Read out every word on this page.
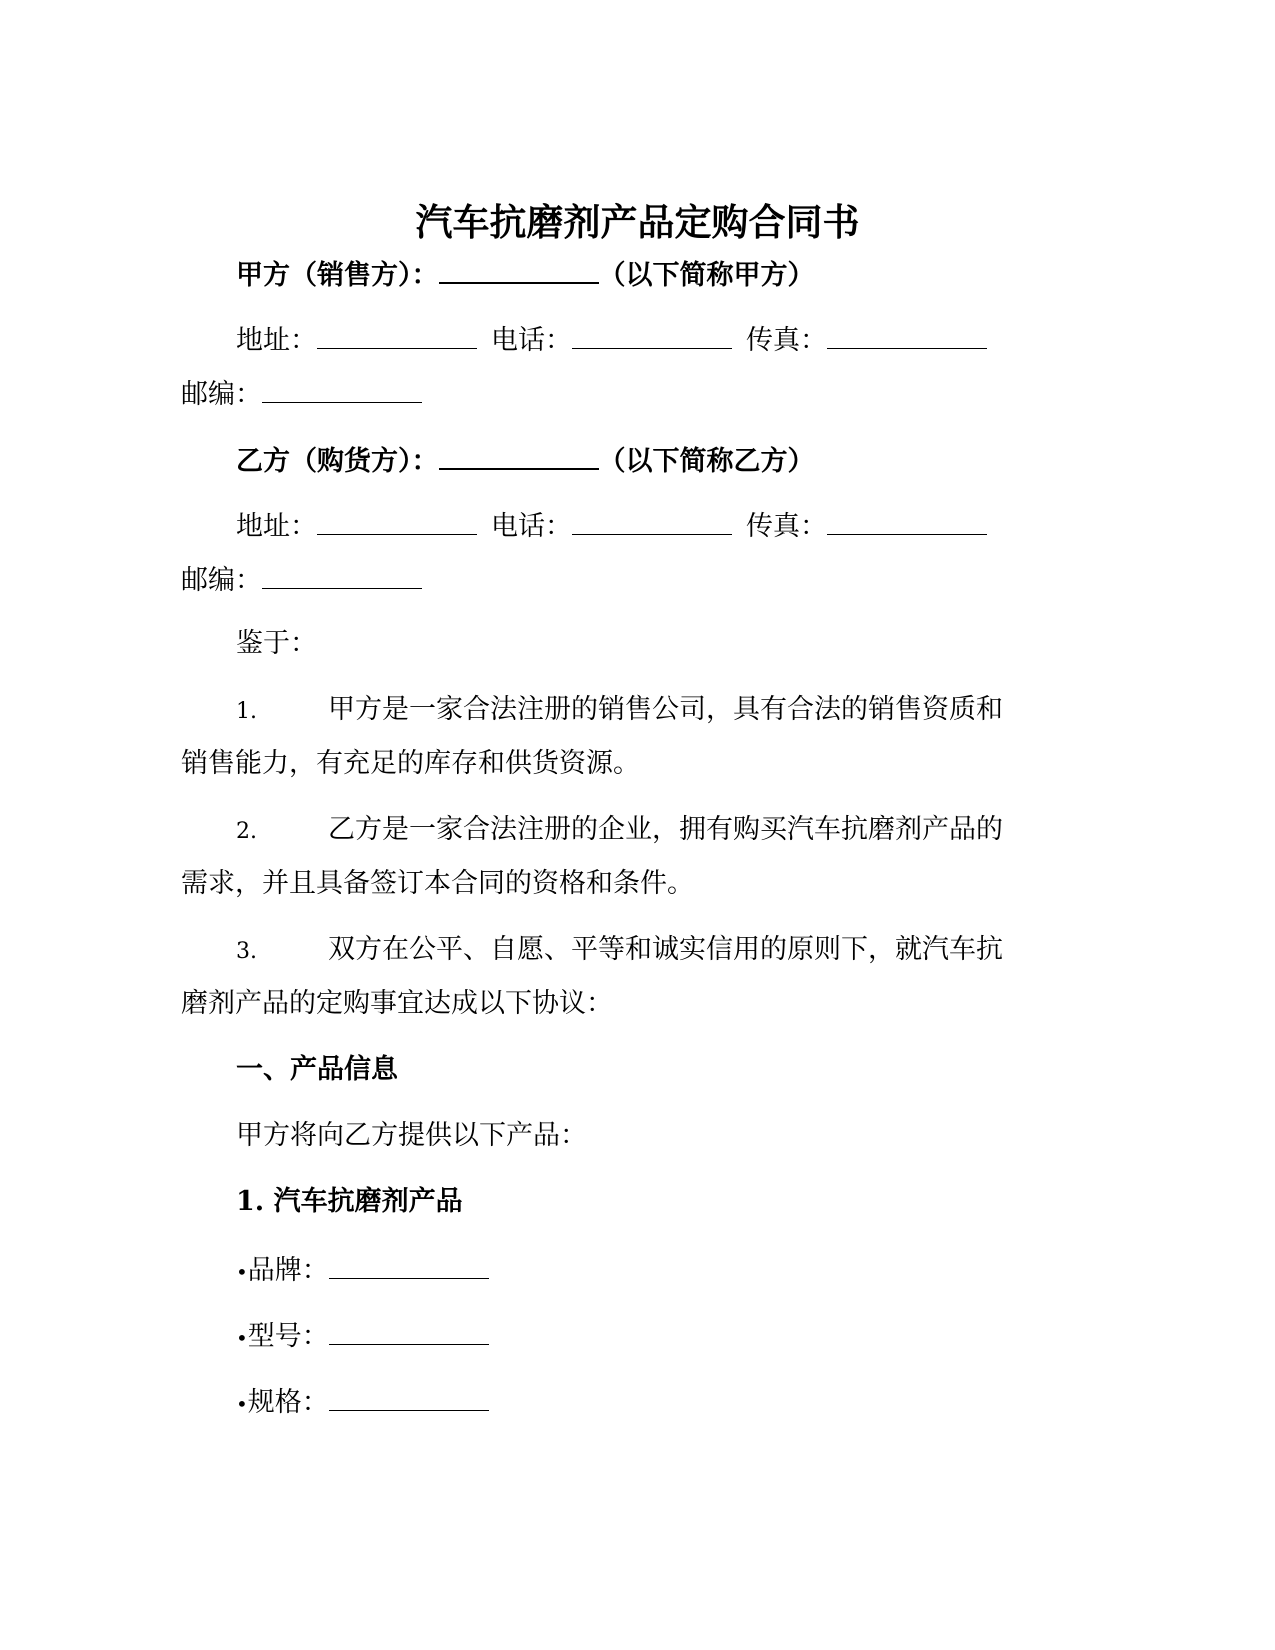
汽车抗磨剂产品定购合同书
甲方（销售方）：	（以下简称甲方）
地址：	电话：	传真：
邮编：
乙方（购货方）：	（以下简称乙方）
地址：	电话：	传真：
邮编：
鉴于：
1.	甲方是一家合法注册的销售公司，具有合法的销售资质和
销售能力，有充足的库存和供货资源。
2.	乙方是一家合法注册的企业，拥有购买汽车抗磨剂产品的
需求，并且具备签订本合同的资格和条件。
3.	双方在公平、自愿、平等和诚实信用的原则下，就汽车抗
磨剂产品的定购事宜达成以下协议：
一、产品信息
甲方将向乙方提供以下产品：
1. 汽车抗磨剂产品
•品牌：
•型号：
•规格：
